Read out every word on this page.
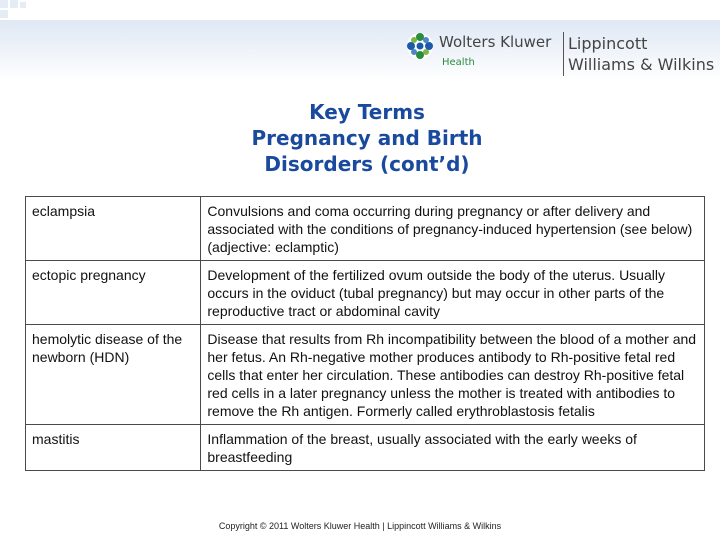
Wolters Kluwer
Health
Lippincott
Williams & Wilkins
Key Terms
Pregnancy and Birth
Disorders (cont’d)
eclampsia	Convulsions and coma occurring during pregnancy or after delivery and associated with the conditions of pregnancy-induced hypertension (see below) (adjective: eclamptic)
ectopic pregnancy	Development of the fertilized ovum outside the body of the uterus. Usually occurs in the oviduct (tubal pregnancy) but may occur in other parts of the reproductive tract or abdominal cavity
hemolytic disease of the newborn (HDN)	Disease that results from Rh incompatibility between the blood of a mother and her fetus. An Rh-negative mother produces antibody to Rh-positive fetal red cells that enter her circulation. These antibodies can destroy Rh-positive fetal red cells in a later pregnancy unless the mother is treated with antibodies to remove the Rh antigen. Formerly called erythroblastosis fetalis
mastitis	Inflammation of the breast, usually associated with the early weeks of breastfeeding
Copyright © 2011 Wolters Kluwer Health | Lippincott Williams & Wilkins
